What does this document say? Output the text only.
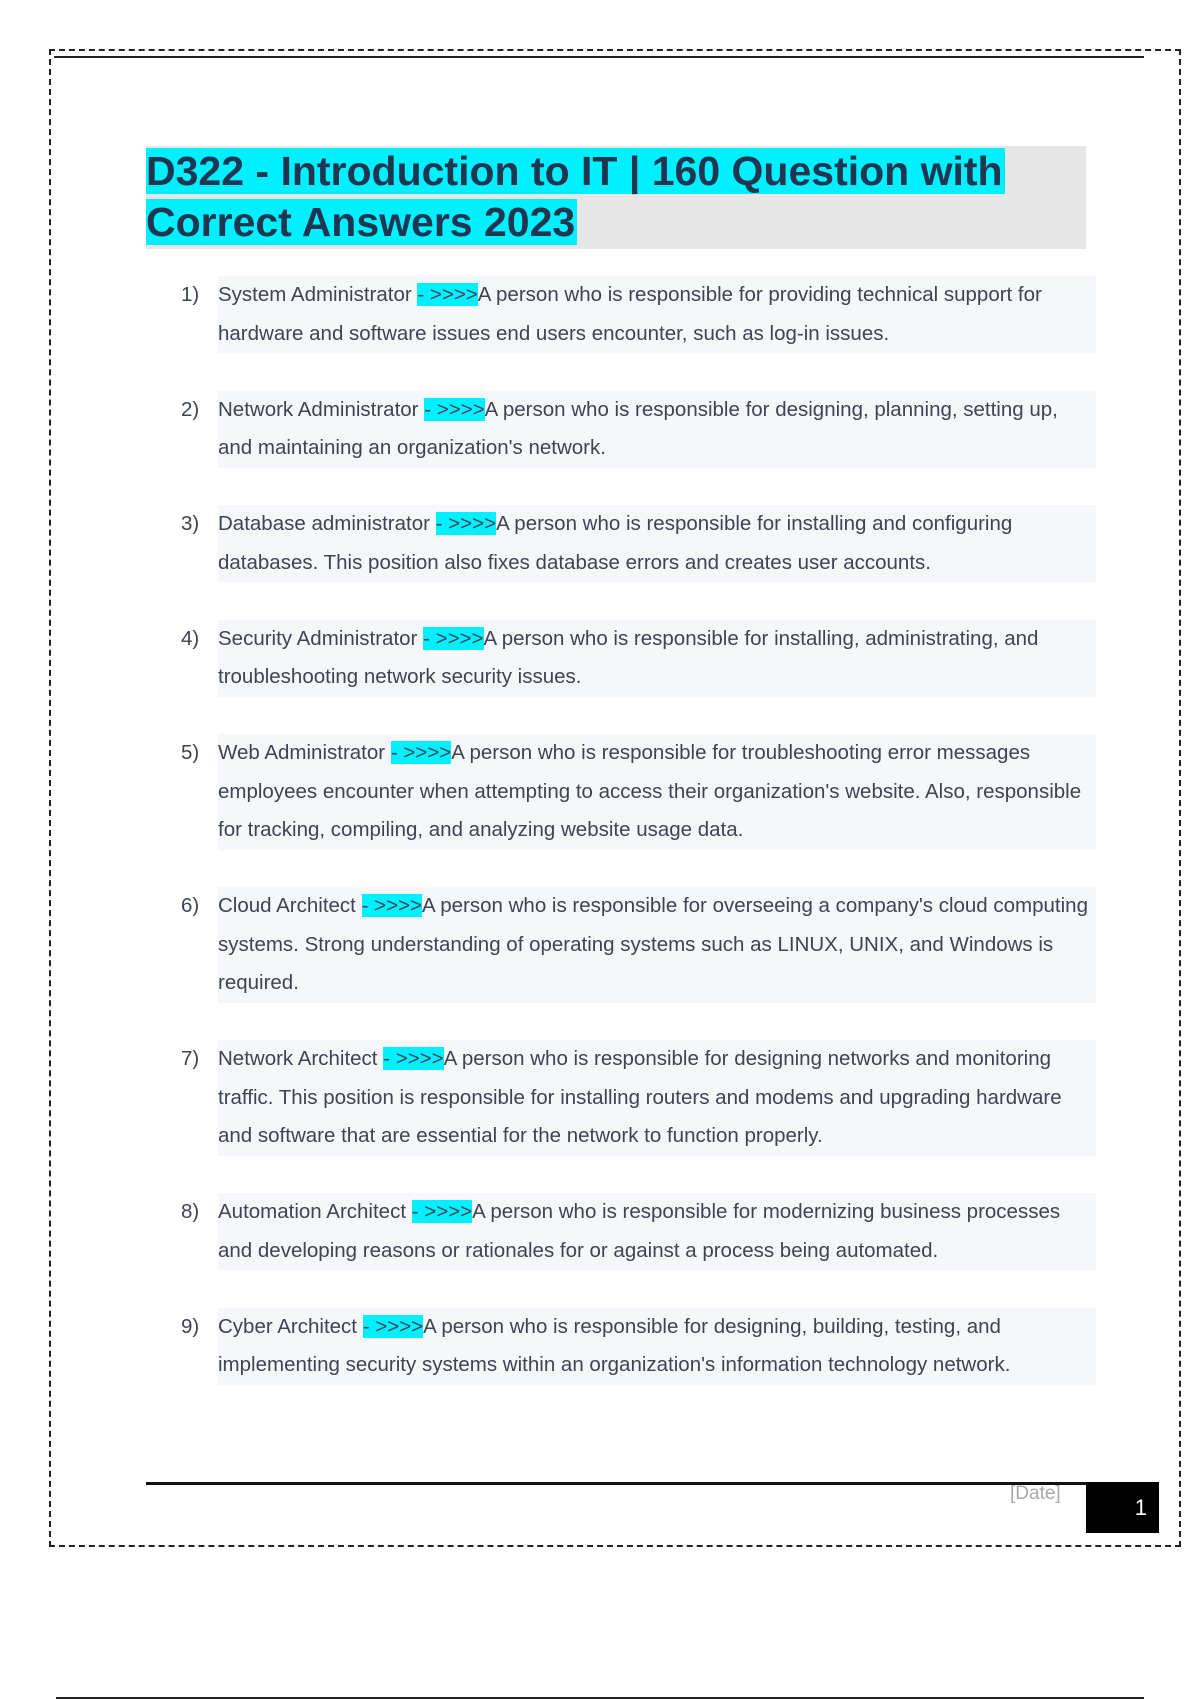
D322 - Introduction to IT | 160 Question with
Correct Answers 2023
1) System Administrator - >>>>A person who is responsible for providing technical support for hardware and software issues end users encounter, such as log-in issues.
2) Network Administrator - >>>>A person who is responsible for designing, planning, setting up, and maintaining an organization's network.
3) Database administrator - >>>>A person who is responsible for installing and configuring databases. This position also fixes database errors and creates user accounts.
4) Security Administrator - >>>>A person who is responsible for installing, administrating, and troubleshooting network security issues.
5) Web Administrator - >>>>A person who is responsible for troubleshooting error messages employees encounter when attempting to access their organization's website. Also, responsible for tracking, compiling, and analyzing website usage data.
6) Cloud Architect - >>>>A person who is responsible for overseeing a company's cloud computing systems. Strong understanding of operating systems such as LINUX, UNIX, and Windows is required.
7) Network Architect - >>>>A person who is responsible for designing networks and monitoring traffic. This position is responsible for installing routers and modems and upgrading hardware and software that are essential for the network to function properly.
8) Automation Architect - >>>>A person who is responsible for modernizing business processes and developing reasons or rationales for or against a process being automated.
9) Cyber Architect - >>>>A person who is responsible for designing, building, testing, and implementing security systems within an organization's information technology network.
[Date]
1
